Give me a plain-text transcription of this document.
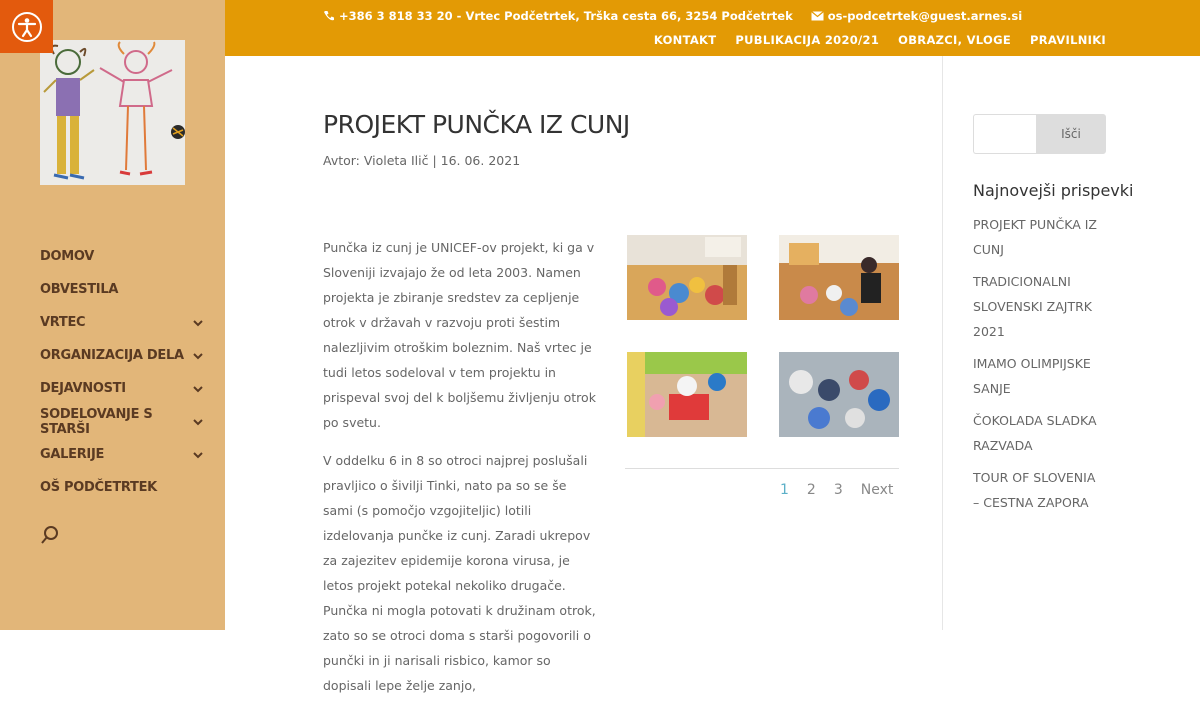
DOMOV
OBVESTILA
VRTEC
ORGANIZACIJA DELA
DEJAVNOSTI
SODELOVANJE S STARŠI
GALERIJE
OŠ PODČETRTEK
+386 3 818 33 20 - Vrtec Podčetrtek, Trška cesta 66, 3254 Podčetrtek	os-podcetrtek@guest.arnes.si
KONTAKT PUBLIKACIJA 2020/21 OBRAZCI, VLOGE PRAVILNIKI
PROJEKT PUNČKA IZ CUNJ
Avtor: Violeta Ilič | 16. 06. 2021

Punčka iz cunj je UNICEF-ov projekt, ki ga v Sloveniji izvajajo že od leta 2003. Namen projekta je zbiranje sredstev za cepljenje otrok v državah v razvoju proti šestim nalezljivim otroškim boleznim. Naš vrtec je tudi letos sodeloval v tem projektu in prispeval svoj del k boljšemu življenju otrok po svetu.

V oddelku 6 in 8 so otroci najprej poslušali pravljico o šivilji Tinki, nato pa so se še sami (s pomočjo vzgojiteljic) lotili izdelovanja punčke iz cunj. Zaradi ukrepov za zajezitev epidemije korona virusa, je letos projekt potekal nekoliko drugače. Punčka ni mogla potovati k družinam otrok, zato so se otroci doma s starši pogovorili o punčki in ji narisali risbico, kamor so dopisali lepe želje zanjo,

1 2 3 Next
Išči
Najnovejši prispevki
PROJEKT PUNČKA IZ CUNJ
TRADICIONALNI SLOVENSKI ZAJTRK 2021
IMAMO OLIMPIJSKE SANJE
ČOKOLADA SLADKA RAZVADA
TOUR OF SLOVENIA – CESTNA ZAPORA
